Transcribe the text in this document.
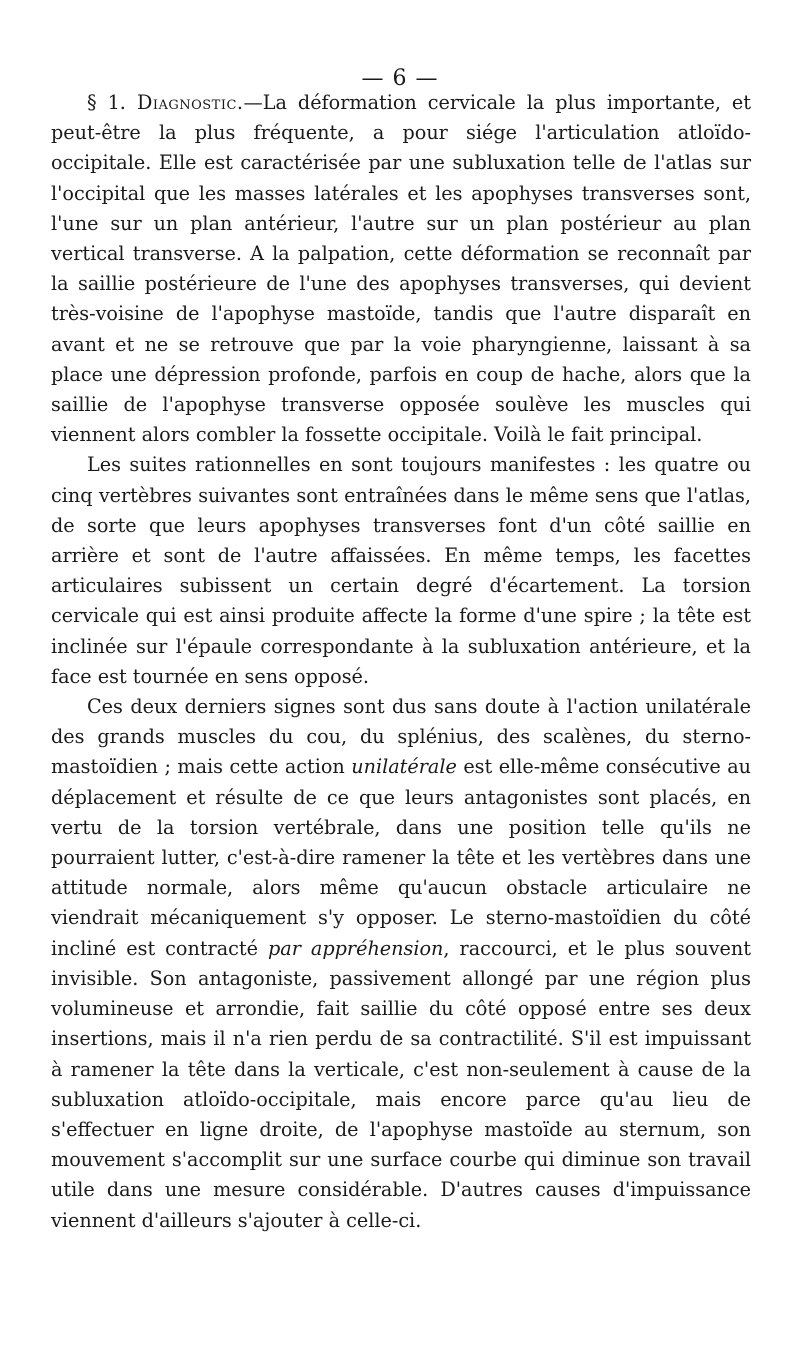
— 6 —

§ 1. Diagnostic.—La déformation cervicale la plus importante, et peut-être la plus fréquente, a pour siége l'articulation atloïdo-occipitale. Elle est caractérisée par une subluxation telle de l'atlas sur l'occipital que les masses latérales et les apophyses transverses sont, l'une sur un plan antérieur, l'autre sur un plan postérieur au plan vertical transverse. A la palpation, cette déformation se reconnaît par la saillie postérieure de l'une des apophyses transverses, qui devient très-voisine de l'apophyse mastoïde, tandis que l'autre disparaît en avant et ne se retrouve que par la voie pharyngienne, laissant à sa place une dépression profonde, parfois en coup de hache, alors que la saillie de l'apophyse transverse opposée soulève les muscles qui viennent alors combler la fossette occipitale. Voilà le fait principal.

Les suites rationnelles en sont toujours manifestes : les quatre ou cinq vertèbres suivantes sont entraînées dans le même sens que l'atlas, de sorte que leurs apophyses transverses font d'un côté saillie en arrière et sont de l'autre affaissées. En même temps, les facettes articulaires subissent un certain degré d'écartement. La torsion cervicale qui est ainsi produite affecte la forme d'une spire ; la tête est inclinée sur l'épaule correspondante à la subluxation antérieure, et la face est tournée en sens opposé.

Ces deux derniers signes sont dus sans doute à l'action unilatérale des grands muscles du cou, du splénius, des scalènes, du sterno-mastoïdien ; mais cette action unilatérale est elle-même consécutive au déplacement et résulte de ce que leurs antagonistes sont placés, en vertu de la torsion vertébrale, dans une position telle qu'ils ne pourraient lutter, c'est-à-dire ramener la tête et les vertèbres dans une attitude normale, alors même qu'aucun obstacle articulaire ne viendrait mécaniquement s'y opposer. Le sterno-mastoïdien du côté incliné est contracté par appréhension, raccourci, et le plus souvent invisible. Son antagoniste, passivement allongé par une région plus volumineuse et arrondie, fait saillie du côté opposé entre ses deux insertions, mais il n'a rien perdu de sa contractilité. S'il est impuissant à ramener la tête dans la verticale, c'est non-seulement à cause de la subluxation atloïdo-occipitale, mais encore parce qu'au lieu de s'effectuer en ligne droite, de l'apophyse mastoïde au sternum, son mouvement s'accomplit sur une surface courbe qui diminue son travail utile dans une mesure considérable. D'autres causes d'impuissance viennent d'ailleurs s'ajouter à celle-ci.
